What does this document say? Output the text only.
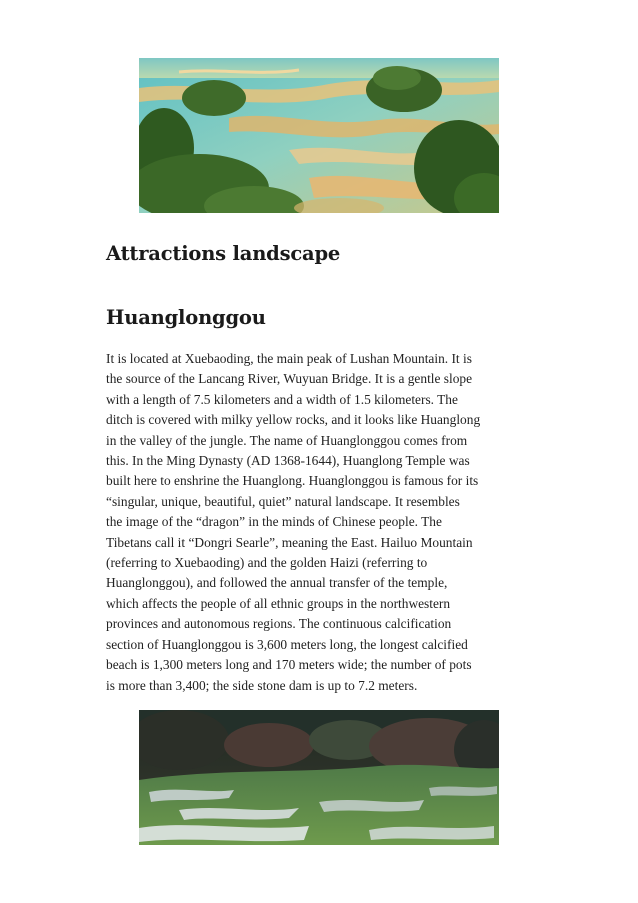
Attractions landscape
Huanglonggou

It is located at Xuebaoding, the main peak of Lushan Mountain. It is
the source of the Lancang River, Wuyuan Bridge. It is a gentle slope
with a length of 7.5 kilometers and a width of 1.5 kilometers. The
ditch is covered with milky yellow rocks, and it looks like Huanglong
in the valley of the jungle. The name of Huanglonggou comes from
this. In the Ming Dynasty (AD 1368-1644), Huanglong Temple was
built here to enshrine the Huanglong. Huanglonggou is famous for its
“singular, unique, beautiful, quiet” natural landscape. It resembles
the image of the “dragon” in the minds of Chinese people. The
Tibetans call it “Dongri Searle”, meaning the East. Hailuo Mountain
(referring to Xuebaoding) and the golden Haizi (referring to
Huanglonggou), and followed the annual transfer of the temple,
which affects the people of all ethnic groups in the northwestern
provinces and autonomous regions. The continuous calcification
section of Huanglonggou is 3,600 meters long, the longest calcified
beach is 1,300 meters long and 170 meters wide; the number of pots
is more than 3,400; the side stone dam is up to 7.2 meters.
